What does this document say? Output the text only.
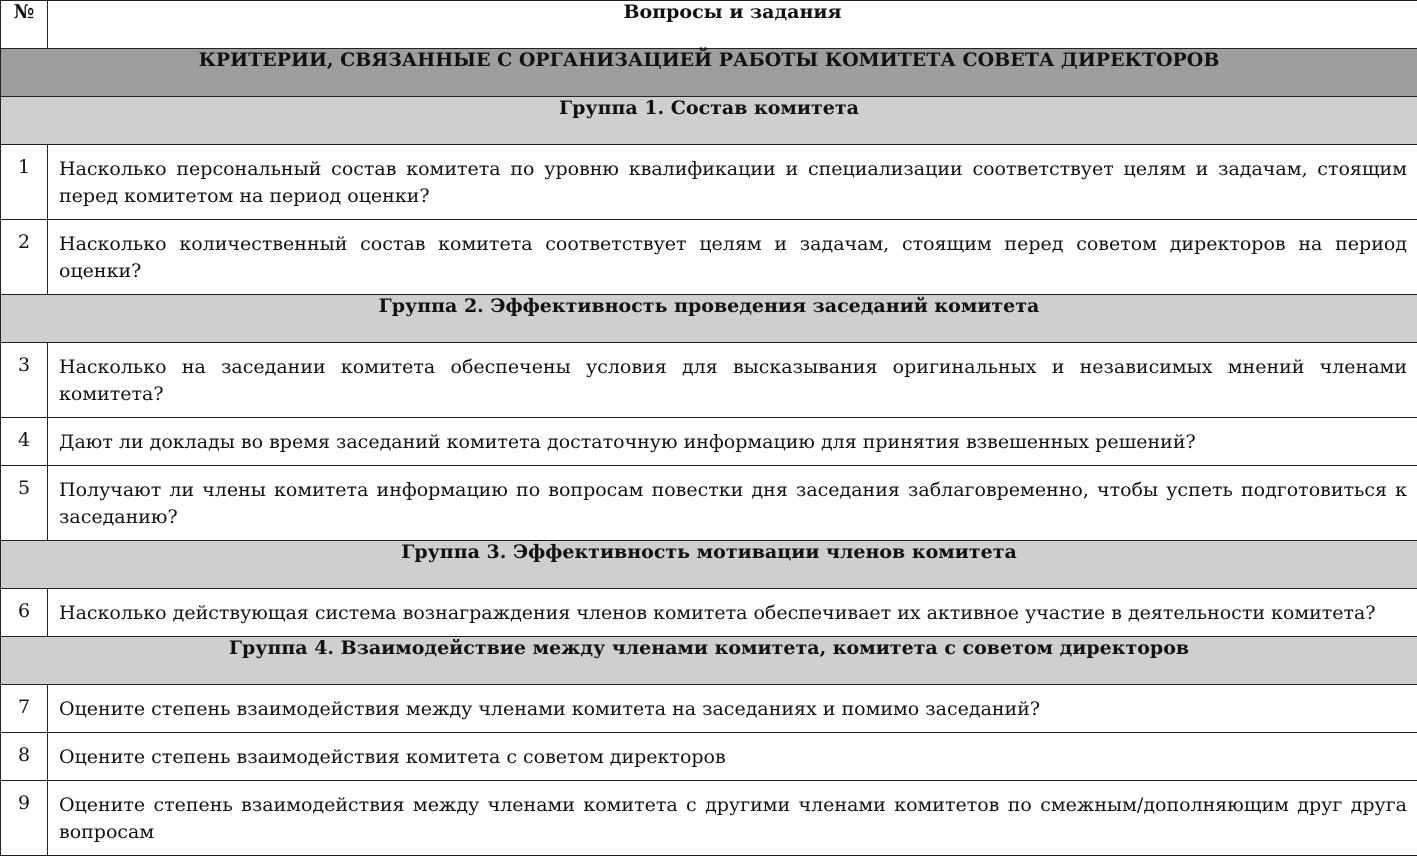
№	Вопросы и задания
КРИТЕРИИ, СВЯЗАННЫЕ С ОРГАНИЗАЦИЕЙ РАБОТЫ КОМИТЕТА СОВЕТА ДИРЕКТОРОВ	
Группа 1. Состав комитета	
1	Насколько персональный состав комитета по уровню квалификации и специализации соответствует целям и задачам, стоящим перед комитетом на период оценки?
2	Насколько количественный состав комитета соответствует целям и задачам, стоящим перед советом директоров на период оценки?
Группа 2. Эффективность проведения заседаний комитета	
3	Насколько на заседании комитета обеспечены условия для высказывания оригинальных и независимых мнений членами комитета?
4	Дают ли доклады во время заседаний комитета достаточную информацию для принятия взвешенных решений?
5	Получают ли члены комитета информацию по вопросам повестки дня заседания заблаговременно, чтобы успеть подготовиться к заседанию?
Группа 3. Эффективность мотивации членов комитета	
6	Насколько действующая система вознаграждения членов комитета обеспечивает их активное участие в деятельности комитета?
Группа 4. Взаимодействие между членами комитета, комитета с советом директоров	
7	Оцените степень взаимодействия между членами комитета на заседаниях и помимо заседаний?
8	Оцените степень взаимодействия комитета с советом директоров
9	Оцените степень взаимодействия между членами комитета с другими членами комитетов по смежным/дополняющим друг друга вопросам
